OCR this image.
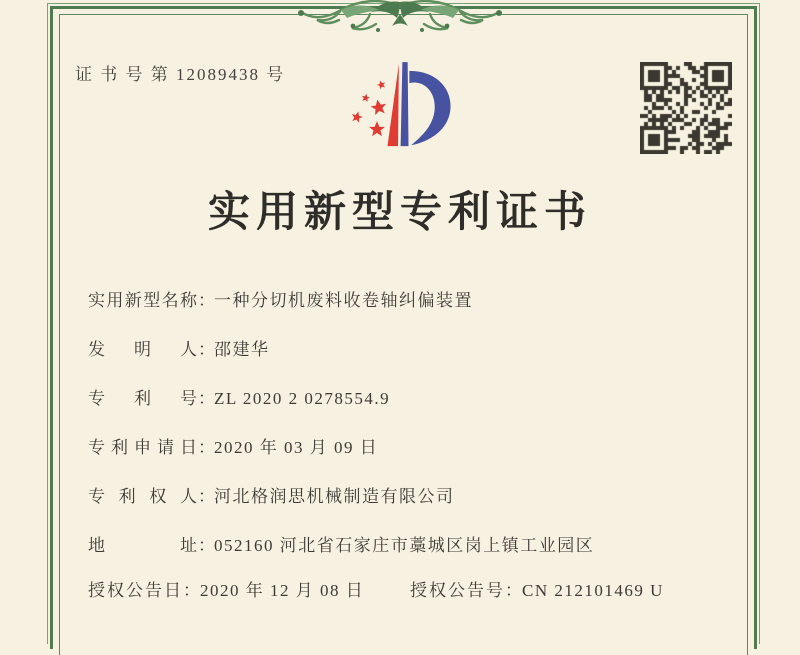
证 书 号 第 12089438 号
实用新型专利证书
实用新型名称：一种分切机废料收卷轴纠偏装置
发明人：邵建华
专利号：ZL 2020 2 0278554.9
专利申请日：2020 年 03 月 09 日
专利权人：河北格润思机械制造有限公司
地址：052160 河北省石家庄市藁城区岗上镇工业园区
授权公告日：2020 年 12 月 08 日	授权公告号：CN 212101469 U
